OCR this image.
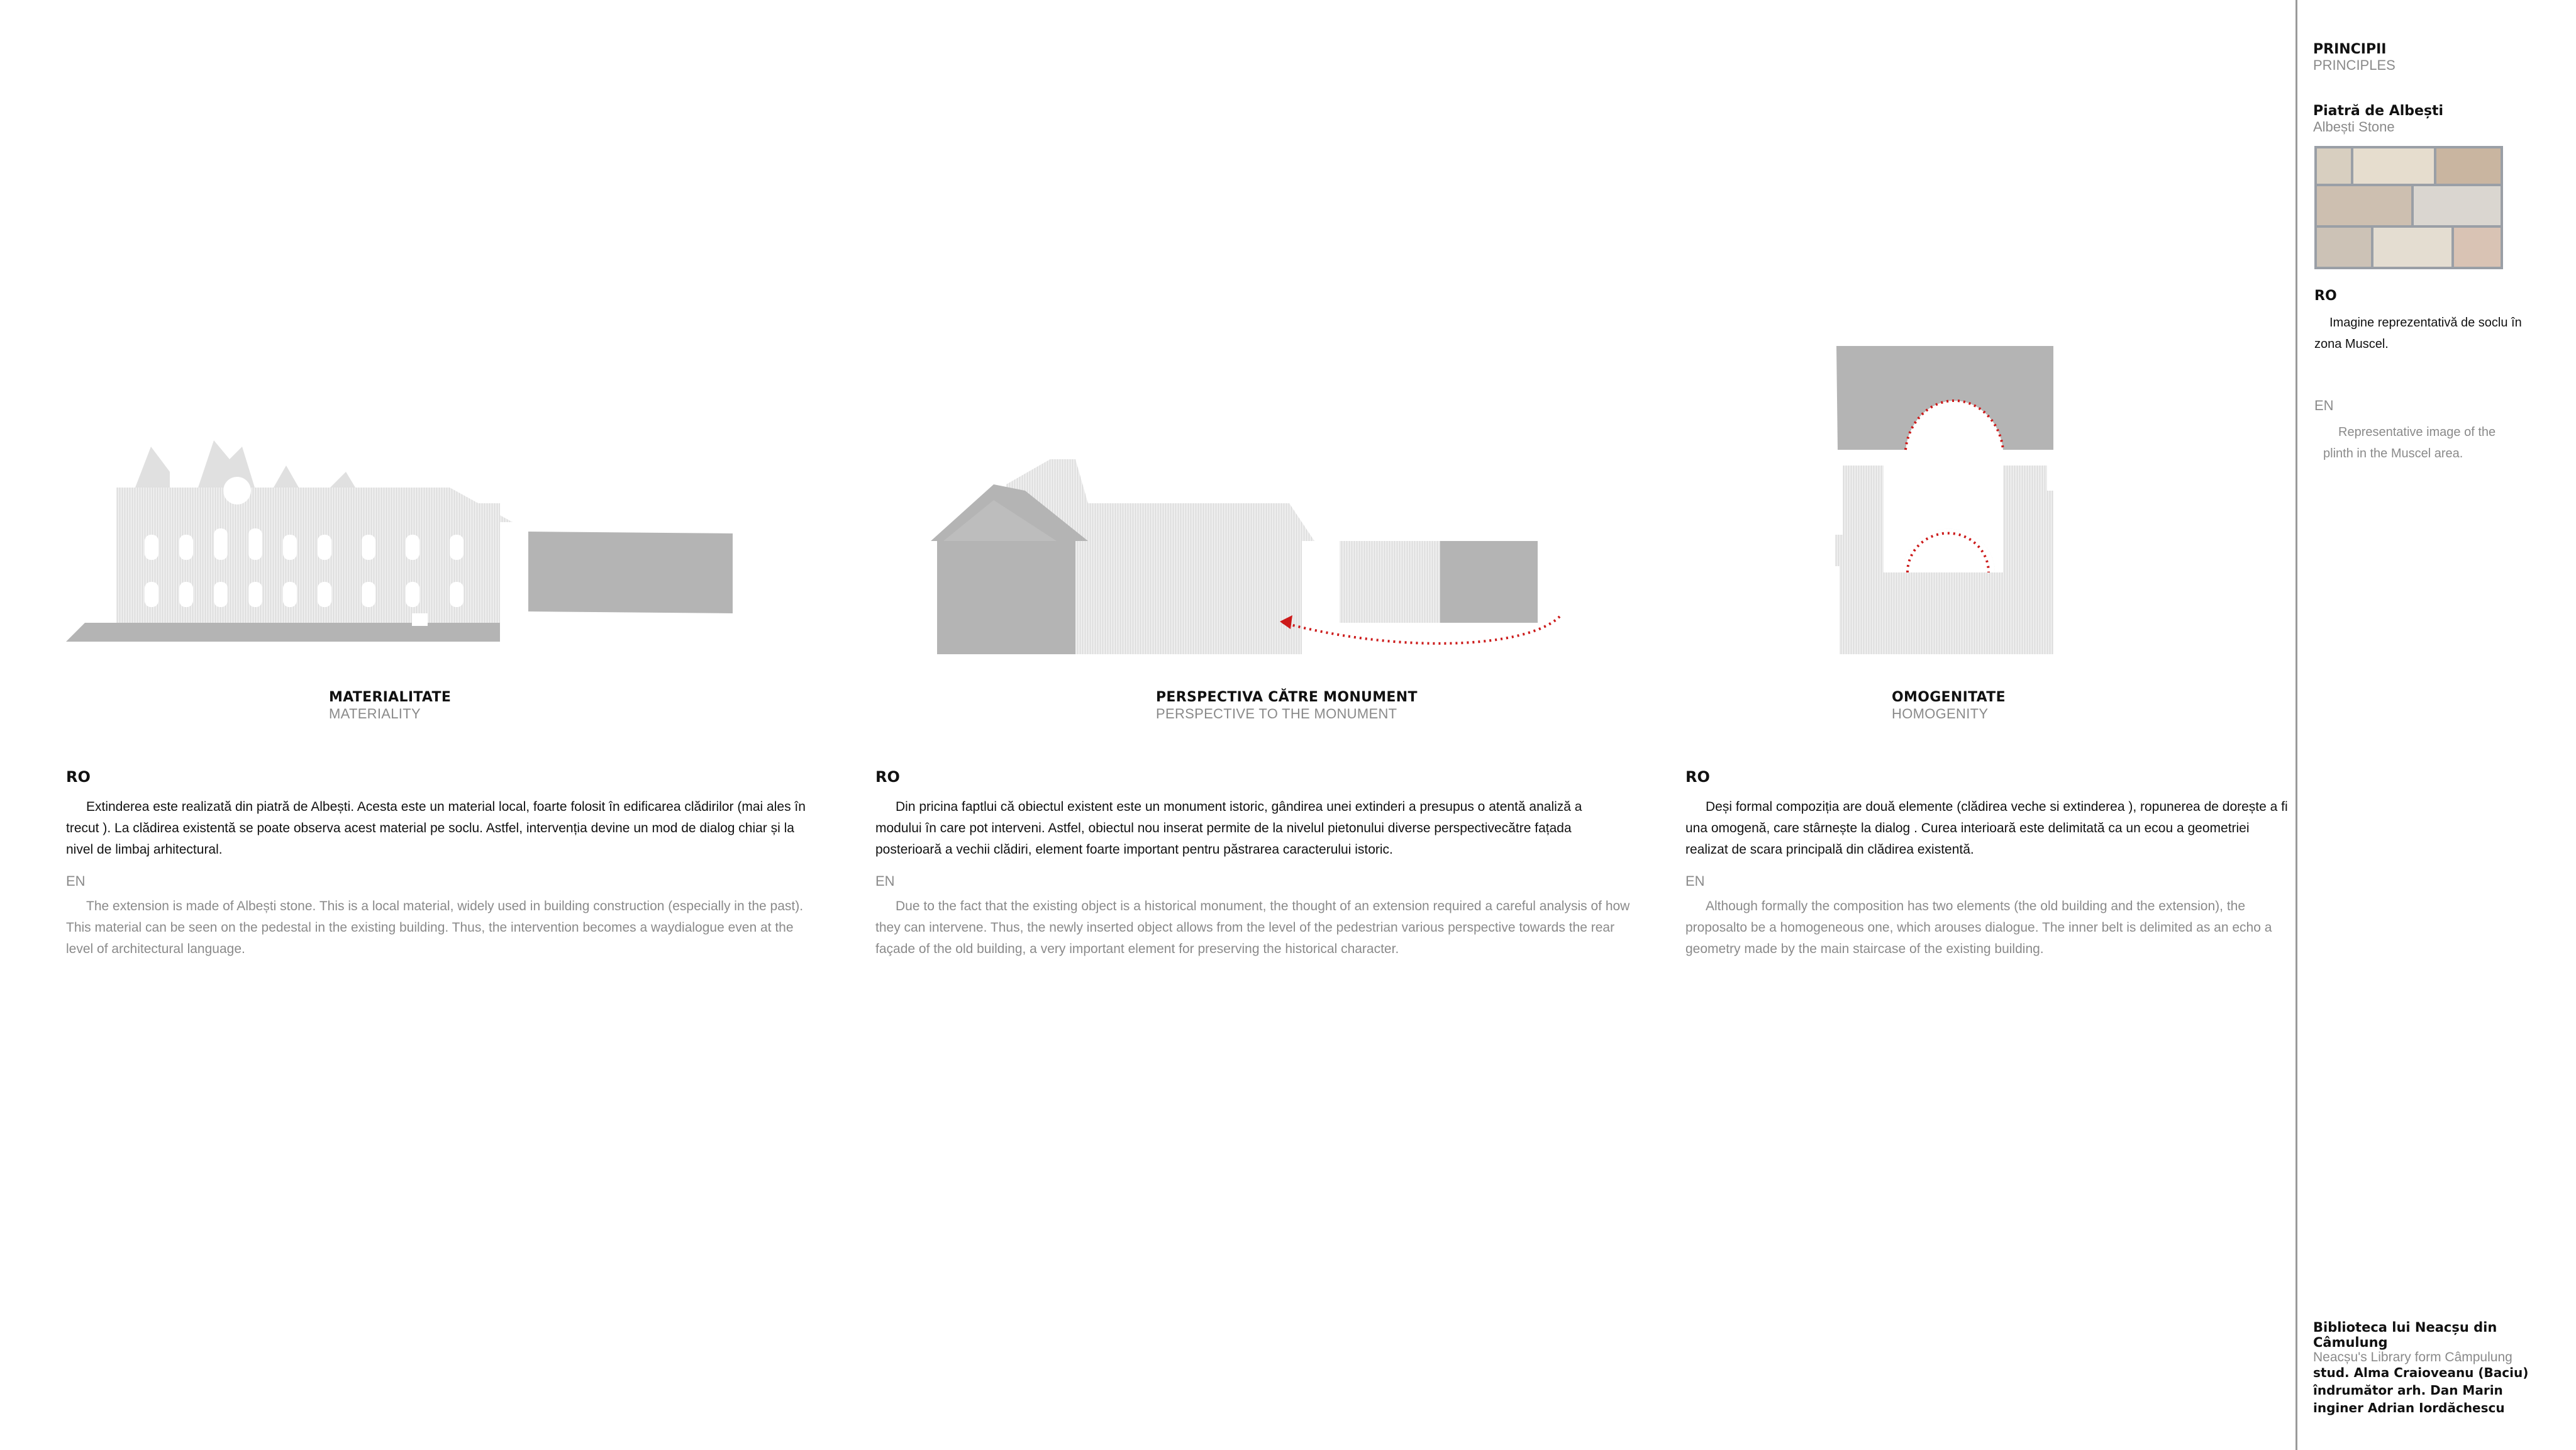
MATERIALITATE
MATERIALITY
PERSPECTIVA CĂTRE MONUMENT
PERSPECTIVE TO THE MONUMENT
OMOGENITATE
HOMOGENITY
RO

Extinderea este realizată din piatră de Albești. Acesta este un material local, foarte folosit în edificarea clădirilor (mai ales în trecut ). La clădirea existentă se poate observa acest material pe soclu. Astfel, intervenția devine un mod de dialog chiar și la nivel de limbaj arhitectural.

EN

The extension is made of Albești stone. This is a local material, widely used in building construction (especially in the past). This material can be seen on the pedestal in the existing building. Thus, the intervention becomes a waydialogue even at the level of architectural language.

RO

Din pricina faptlui că obiectul existent este un monument istoric, gândirea unei extinderi a presupus o atentă analiză a modului în care pot interveni. Astfel, obiectul nou inserat permite de la nivelul pietonului diverse perspectivecătre fațada posterioară a vechii clădiri, element foarte important pentru păstrarea caracterului istoric.

EN

Due to the fact that the existing object is a historical monument, the thought of an extension required a careful analysis of how they can intervene. Thus, the newly inserted object allows from the level of the pedestrian various perspective towards the rear façade of the old building, a very important element for preserving the historical character.

RO

Deși formal compoziția are două elemente (clădirea veche si extinderea ), ropunerea de dorește a fi una omogenă, care stârnește la dialog . Curea interioară este delimitată ca un ecou a geometriei realizat de scara principală din clădirea existentă.

EN

Although formally the composition has two elements (the old building and the extension), the proposalto be a homogeneous one, which arouses dialogue. The inner belt is delimited as an echo a geometry made by the main staircase of the existing building.

PRINCIPII
PRINCIPLES
Piatră de Albești
Albești Stone
RO
Imagine reprezentativă de soclu în zona Muscel.
EN
Representative image of the plinth in the Muscel area.
Biblioteca lui Neacșu din Câmulung
Neacșu's Library form Câmpulung
stud. Alma Craioveanu (Baciu)
îndrumător arh. Dan Marin
inginer Adrian Iordăchescu
